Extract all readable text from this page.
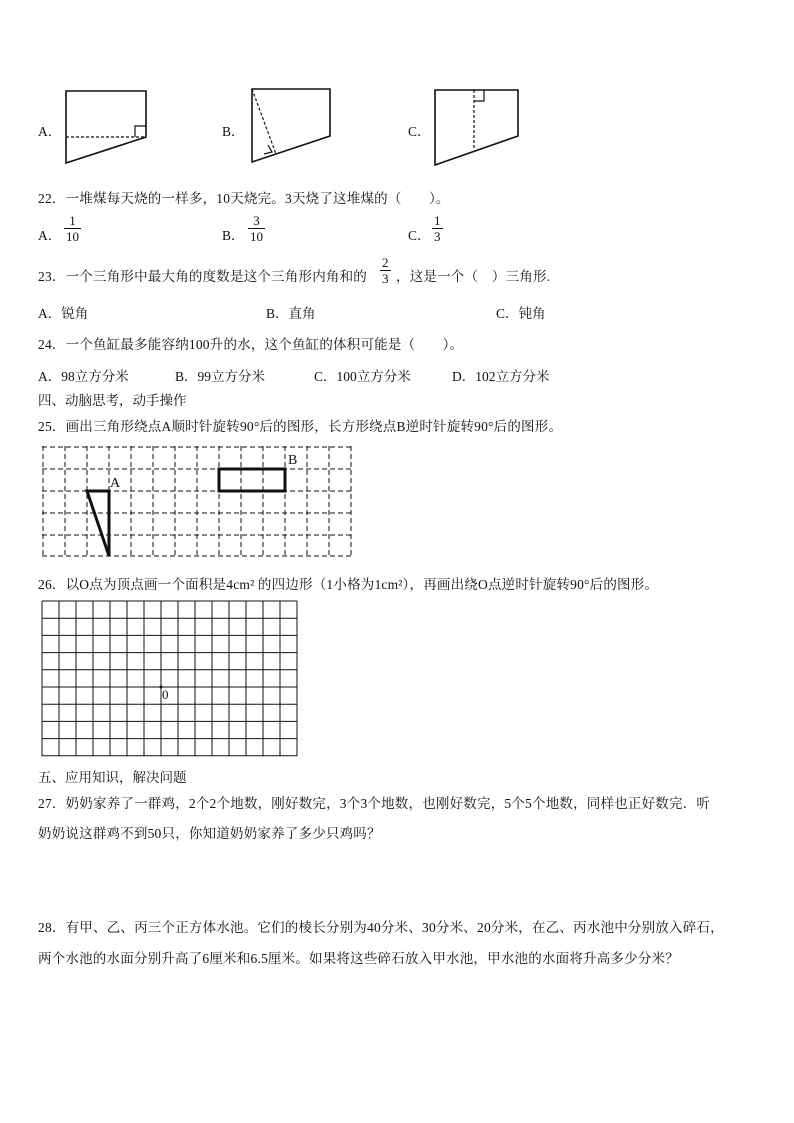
A．	B．	C．
22．一堆煤每天烧的一样多，10天烧完。3天烧了这堆煤的（　　）。
A．
1
10	B．
3
10	C．
1
3
23．一个三角形中最大角的度数是这个三角形内角和的
2
3 ，这是一个（　）三角形.
A．锐角	B．直角	C．钝角
24．一个鱼缸最多能容纳100升的水，这个鱼缸的体积可能是（　　）。
A．98立方分米	B．99立方分米	C．100立方分米	D．102立方分米
四、动脑思考，动手操作
25．画出三角形绕点A顺时针旋转90°后的图形，长方形绕点B逆时针旋转90°后的图形。
A
B
26．以O点为顶点画一个面积是4cm² 的四边形（1小格为1cm²），再画出绕O点逆时针旋转90°后的图形。
0
五、应用知识，解决问题
27．奶奶家养了一群鸡，2个2个地数，刚好数完，3个3个地数，也刚好数完，5个5个地数，同样也正好数完．听
奶奶说这群鸡不到50只，你知道奶奶家养了多少只鸡吗？
28．有甲、乙、丙三个正方体水池。它们的棱长分别为40分米、30分米、20分米，在乙、丙水池中分别放入碎石，
两个水池的水面分别升高了6厘米和6.5厘米。如果将这些碎石放入甲水池，甲水池的水面将升高多少分米？
